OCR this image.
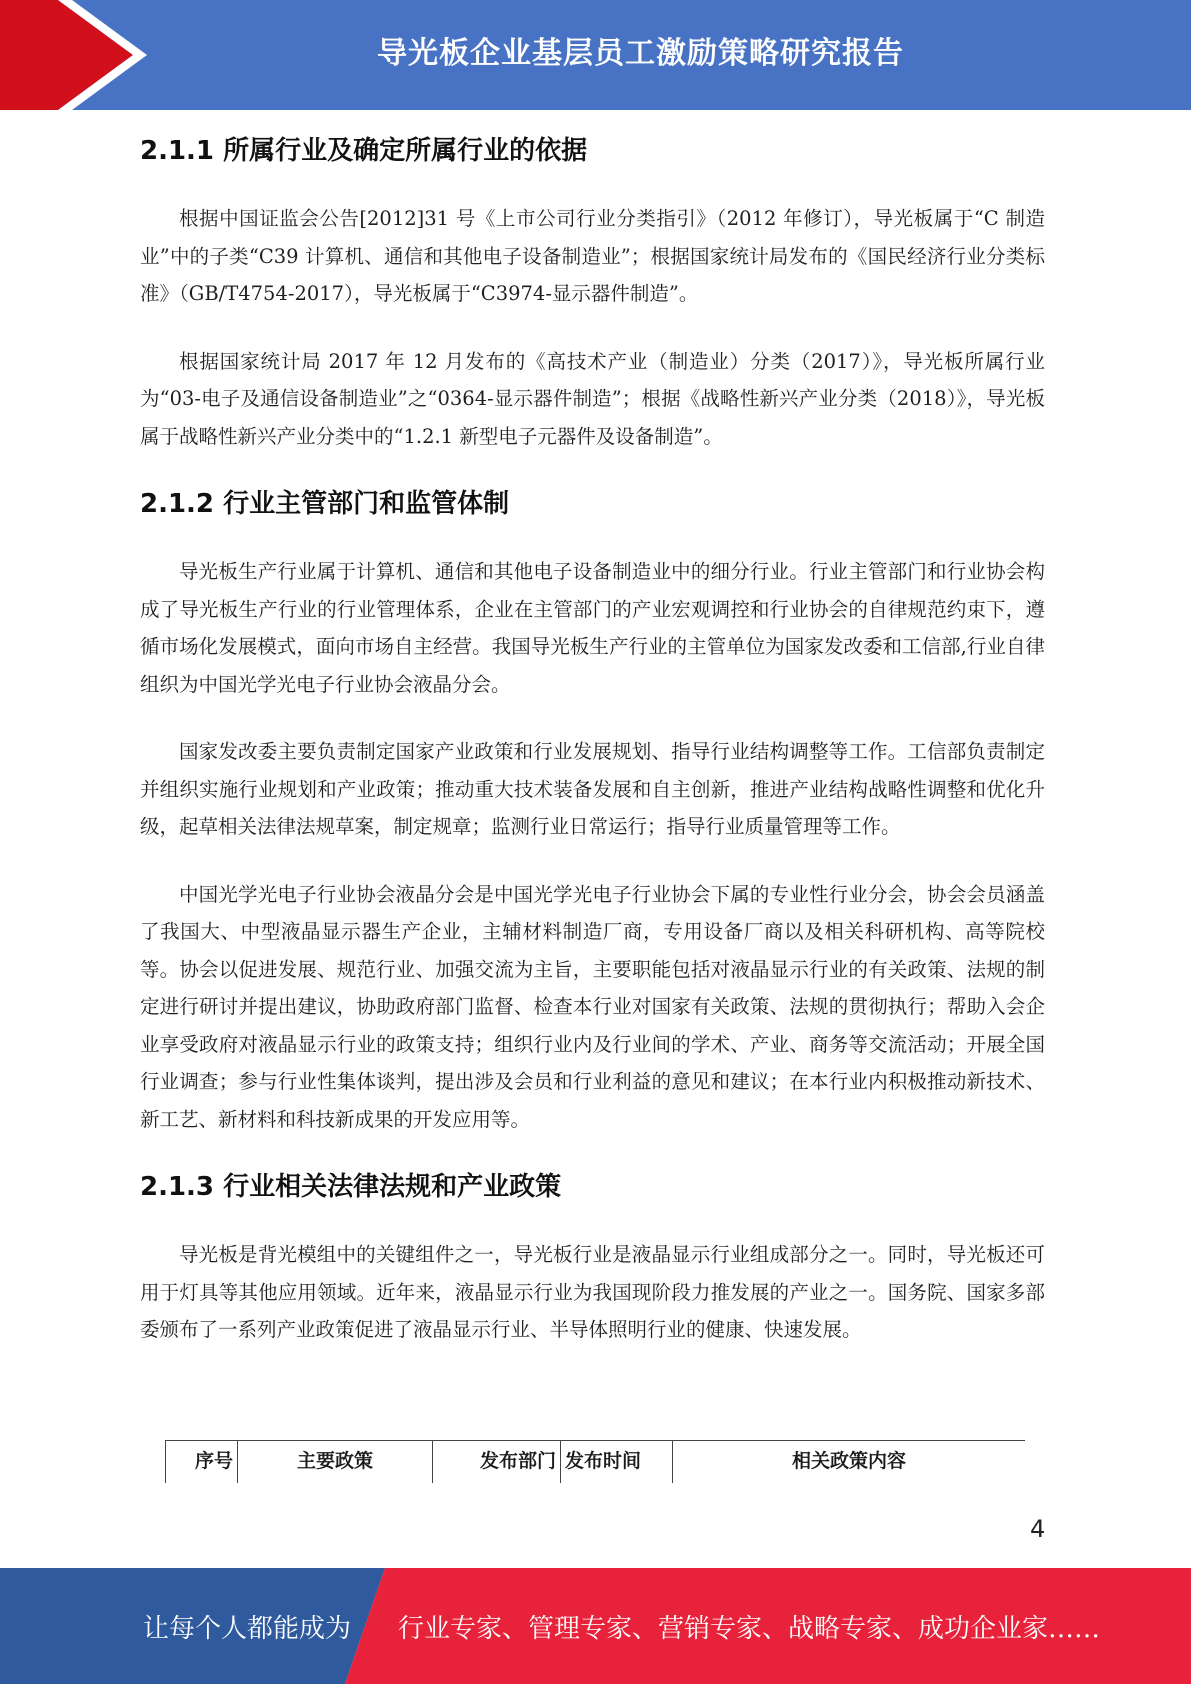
导光板企业基层员工激励策略研究报告
2.1.1 所属行业及确定所属行业的依据

根据中国证监会公告[2012]31 号《上市公司行业分类指引》（2012 年修订），导光板属于“C 制造业”中的子类“C39 计算机、通信和其他电子设备制造业”；根据国家统计局发布的《国民经济行业分类标准》（GB/T4754-2017），导光板属于“C3974-显示器件制造”。

根据国家统计局 2017 年 12 月发布的《高技术产业（制造业）分类（2017）》，导光板所属行业为“03-电子及通信设备制造业”之“0364-显示器件制造”；根据《战略性新兴产业分类（2018）》，导光板属于战略性新兴产业分类中的“1.2.1 新型电子元器件及设备制造”。

2.1.2 行业主管部门和监管体制

导光板生产行业属于计算机、通信和其他电子设备制造业中的细分行业。行业主管部门和行业协会构成了导光板生产行业的行业管理体系，企业在主管部门的产业宏观调控和行业协会的自律规范约束下，遵循市场化发展模式，面向市场自主经营。我国导光板生产行业的主管单位为国家发改委和工信部,行业自律组织为中国光学光电子行业协会液晶分会。

国家发改委主要负责制定国家产业政策和行业发展规划、指导行业结构调整等工作。工信部负责制定并组织实施行业规划和产业政策；推动重大技术装备发展和自主创新，推进产业结构战略性调整和优化升级，起草相关法律法规草案，制定规章；监测行业日常运行；指导行业质量管理等工作。

中国光学光电子行业协会液晶分会是中国光学光电子行业协会下属的专业性行业分会，协会会员涵盖了我国大、中型液晶显示器生产企业，主辅材料制造厂商，专用设备厂商以及相关科研机构、高等院校等。协会以促进发展、规范行业、加强交流为主旨，主要职能包括对液晶显示行业的有关政策、法规的制定进行研讨并提出建议，协助政府部门监督、检查本行业对国家有关政策、法规的贯彻执行；帮助入会企业享受政府对液晶显示行业的政策支持；组织行业内及行业间的学术、产业、商务等交流活动；开展全国行业调查；参与行业性集体谈判，提出涉及会员和行业利益的意见和建议；在本行业内积极推动新技术、新工艺、新材料和科技新成果的开发应用等。

2.1.3 行业相关法律法规和产业政策

导光板是背光模组中的关键组件之一，导光板行业是液晶显示行业组成部分之一。同时，导光板还可用于灯具等其他应用领域。近年来，液晶显示行业为我国现阶段力推发展的产业之一。国务院、国家多部委颁布了一系列产业政策促进了液晶显示行业、半导体照明行业的健康、快速发展。

序号	主要政策	发布部门	发布时间	相关政策内容
4
让每个人都能成为 行业专家、管理专家、营销专家、战略专家、成功企业家……
